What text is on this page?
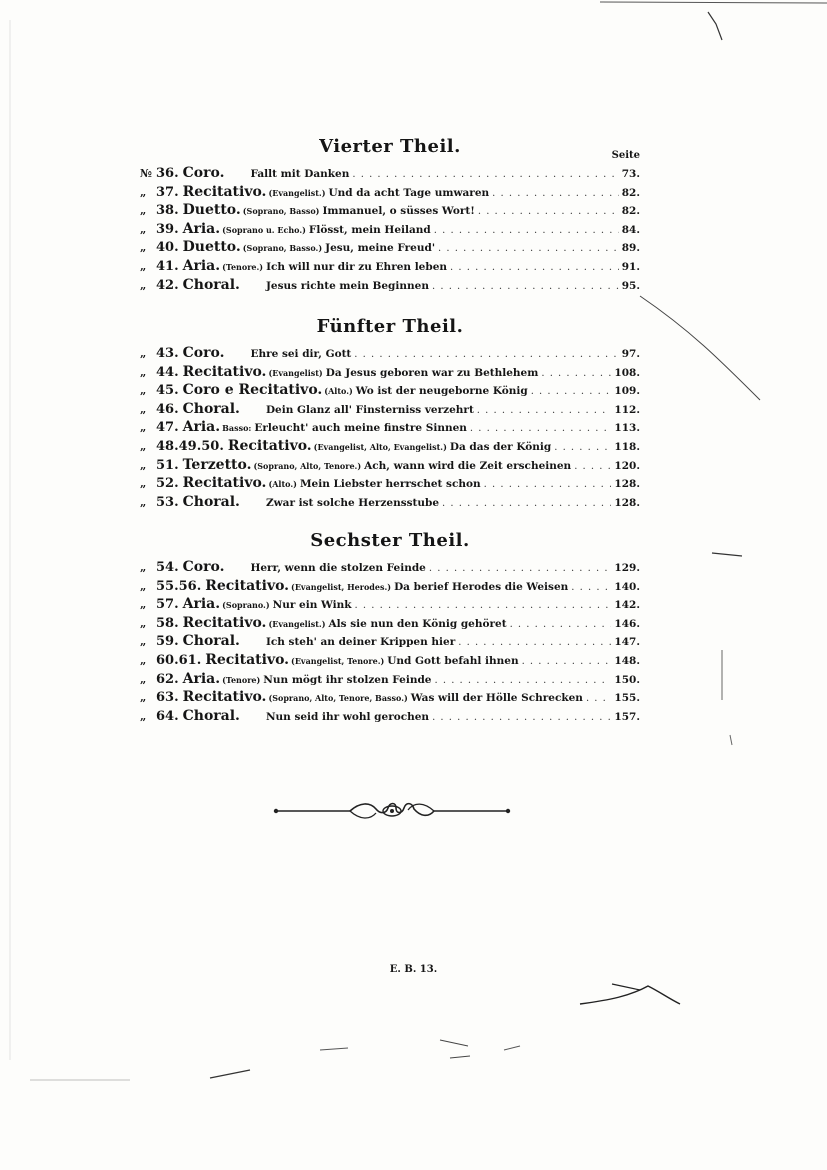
Vierter Theil.	Seite
№ 36. Coro. Fallt mit Danken . . .	73.
„ 37. Recitativo. (Evangelist.) Und da acht Tage umwaren . . .	82.
„ 38. Duetto. (Soprano, Basso) Immanuel, o süsses Wort! . . .	82.
„ 39. Aria. (Soprano u. Echo.) Flösst, mein Heiland . . .	84.
„ 40. Duetto. (Soprano, Basso.) Jesu, meine Freud' . . .	89.
„ 41. Aria. (Tenore.) Ich will nur dir zu Ehren leben . . .	91.
„ 42. Choral. Jesus richte mein Beginnen . . .	95.
Fünfter Theil.
„ 43. Coro. Ehre sei dir, Gott . . .	97.
„ 44. Recitativo. (Evangelist) Da Jesus geboren war zu Bethlehem . . .	108.
„ 45. Coro e Recitativo. (Alto.) Wo ist der neugeborne König . . .	109.
„ 46. Choral. Dein Glanz all' Finsterniss verzehrt . . .	112.
„ 47. Aria. Basso: Erleucht' auch meine finstre Sinnen . . .	113.
„ 48.49.50. Recitativo. (Evangelist, Alto, Evangelist.) Da das der König . . .	118.
„ 51. Terzetto. (Soprano, Alto, Tenore.) Ach, wann wird die Zeit erscheinen . . .	120.
„ 52. Recitativo. (Alto.) Mein Liebster herrschet schon . . .	128.
„ 53. Choral. Zwar ist solche Herzensstube . . .	128.
Sechster Theil.
„ 54. Coro. Herr, wenn die stolzen Feinde . . .	129.
„ 55.56. Recitativo. (Evangelist, Herodes.) Da berief Herodes die Weisen . . .	140.
„ 57. Aria. (Soprano.) Nur ein Wink . . .	142.
„ 58. Recitativo. (Evangelist.) Als sie nun den König gehöret . . .	146.
„ 59. Choral. Ich steh' an deiner Krippen hier . . .	147.
„ 60.61. Recitativo. (Evangelist, Tenore.) Und Gott befahl ihnen . . .	148.
„ 62. Aria. (Tenore) Nun mögt ihr stolzen Feinde . . .	150.
„ 63. Recitativo. (Soprano, Alto, Tenore, Basso.) Was will der Hölle Schrecken . . .	155.
„ 64. Choral. Nun seid ihr wohl gerochen . . .	157.
E. B. 13.
